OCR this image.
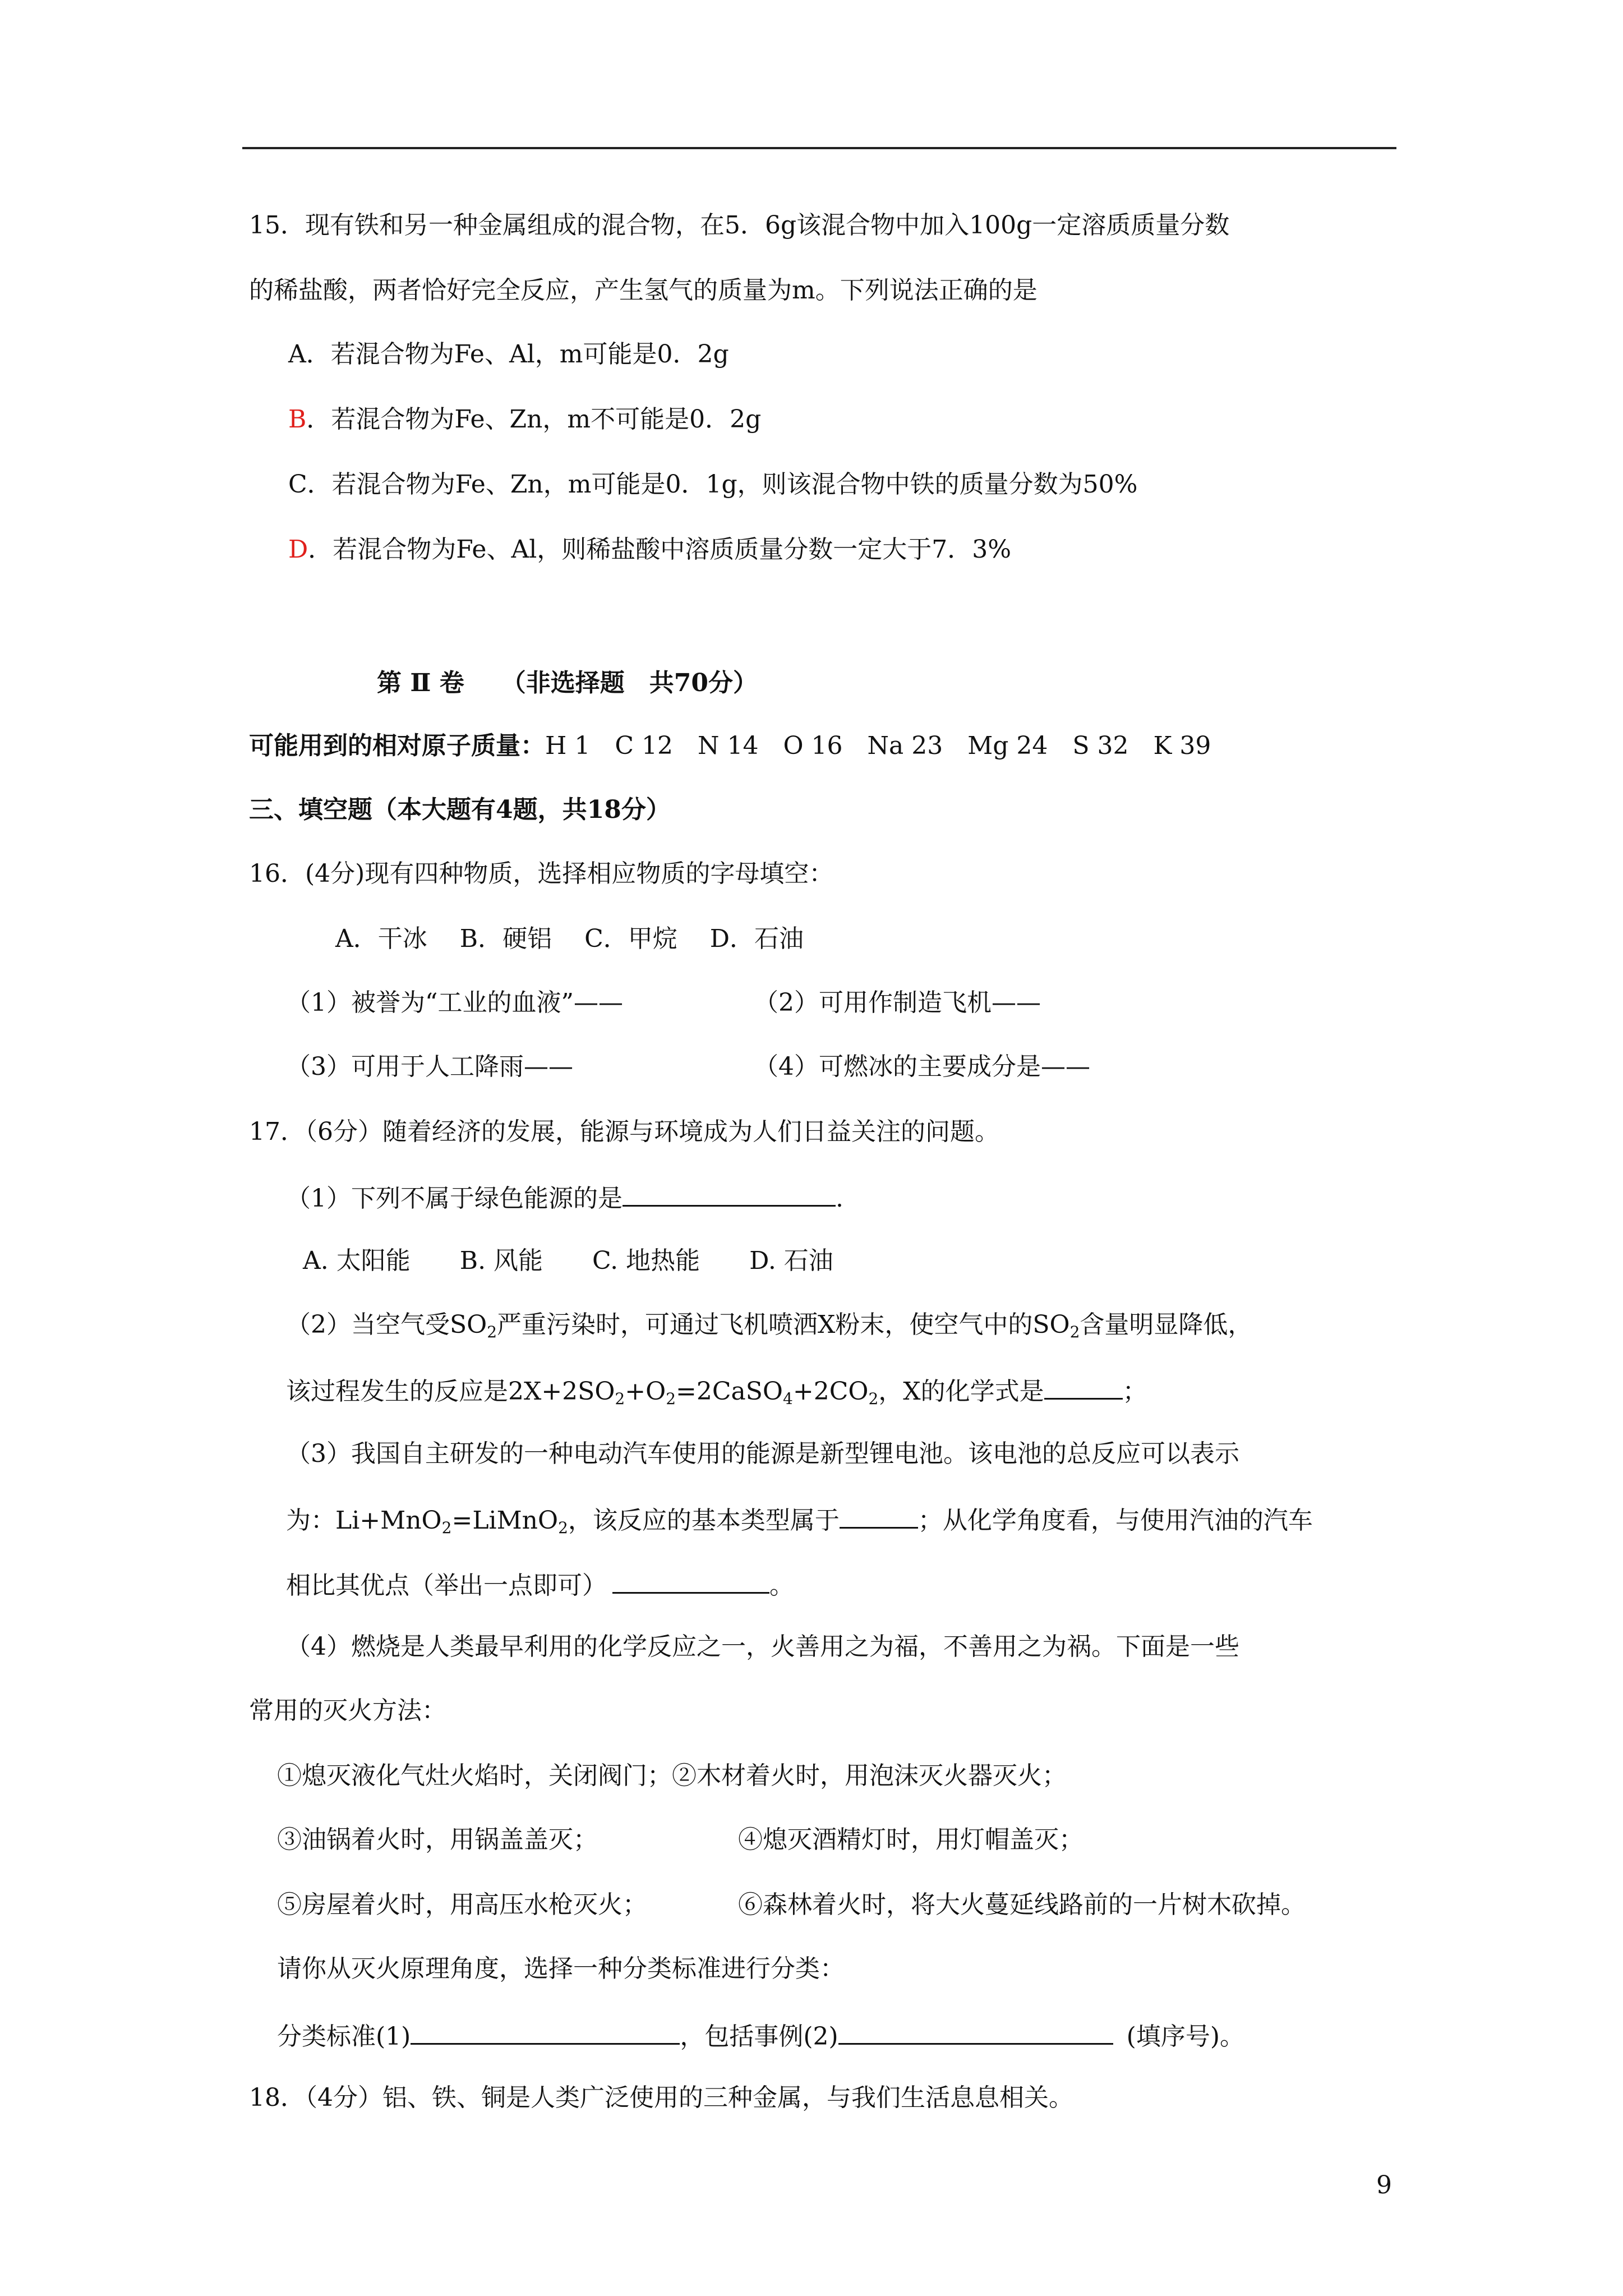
15．现有铁和另一种金属组成的混合物，在5．6g该混合物中加入100g一定溶质质量分数
的稀盐酸，两者恰好完全反应，产生氢气的质量为m。下列说法正确的是
A．若混合物为Fe、Al，m可能是0．2g
B．若混合物为Fe、Zn，m不可能是0．2g
C．若混合物为Fe、Zn，m可能是0．1g，则该混合物中铁的质量分数为50%
D．若混合物为Fe、Al，则稀盐酸中溶质质量分数一定大于7．3%
第 Ⅱ 卷　　（非选择题　共70分）
可能用到的相对原子质量：H 1　C 12　N 14　O 16　Na 23　Mg 24　S 32　K 39
三、填空题（本大题有4题，共18分）
16．(4分)现有四种物质，选择相应物质的字母填空：
A．干冰　 B．硬铝　 C．甲烷　 D．石油
（1）被誉为“工业的血液”——	（2）可用作制造飞机——
（3）可用于人工降雨——	（4）可燃冰的主要成分是——
17．（6分）随着经济的发展，能源与环境成为人们日益关注的问题。
（1）下列不属于绿色能源的是	.
A. 太阳能　　B. 风能　　C. 地热能　　D. 石油
（2）当空气受$SO_2$严重污染时，可通过飞机喷洒X粉末，使空气中的$SO_2$含量明显降低，
该过程发生的反应是$2X+2SO_2+O_2=2CaSO_4+2CO_2$，X的化学式是	；
（3）我国自主研发的一种电动汽车使用的能源是新型锂电池。该电池的总反应可以表示
为：Li+MnO$_2$=LiMnO$_2$，该反应的基本类型属于	；从化学角度看，与使用汽油的汽车
相比其优点（举出一点即可）	。
（4）燃烧是人类最早利用的化学反应之一，火善用之为福，不善用之为祸。下面是一些
常用的灭火方法：
①熄灭液化气灶火焰时，关闭阀门；②木材着火时，用泡沫灭火器灭火；
③油锅着火时，用锅盖盖灭；	④熄灭酒精灯时，用灯帽盖灭；
⑤房屋着火时，用高压水枪灭火；	⑥森林着火时，将大火蔓延线路前的一片树木砍掉。
请你从灭火原理角度，选择一种分类标准进行分类：
分类标准(1)	，包括事例(2)	(填序号)。
18．（4分）铝、铁、铜是人类广泛使用的三种金属，与我们生活息息相关。
9
